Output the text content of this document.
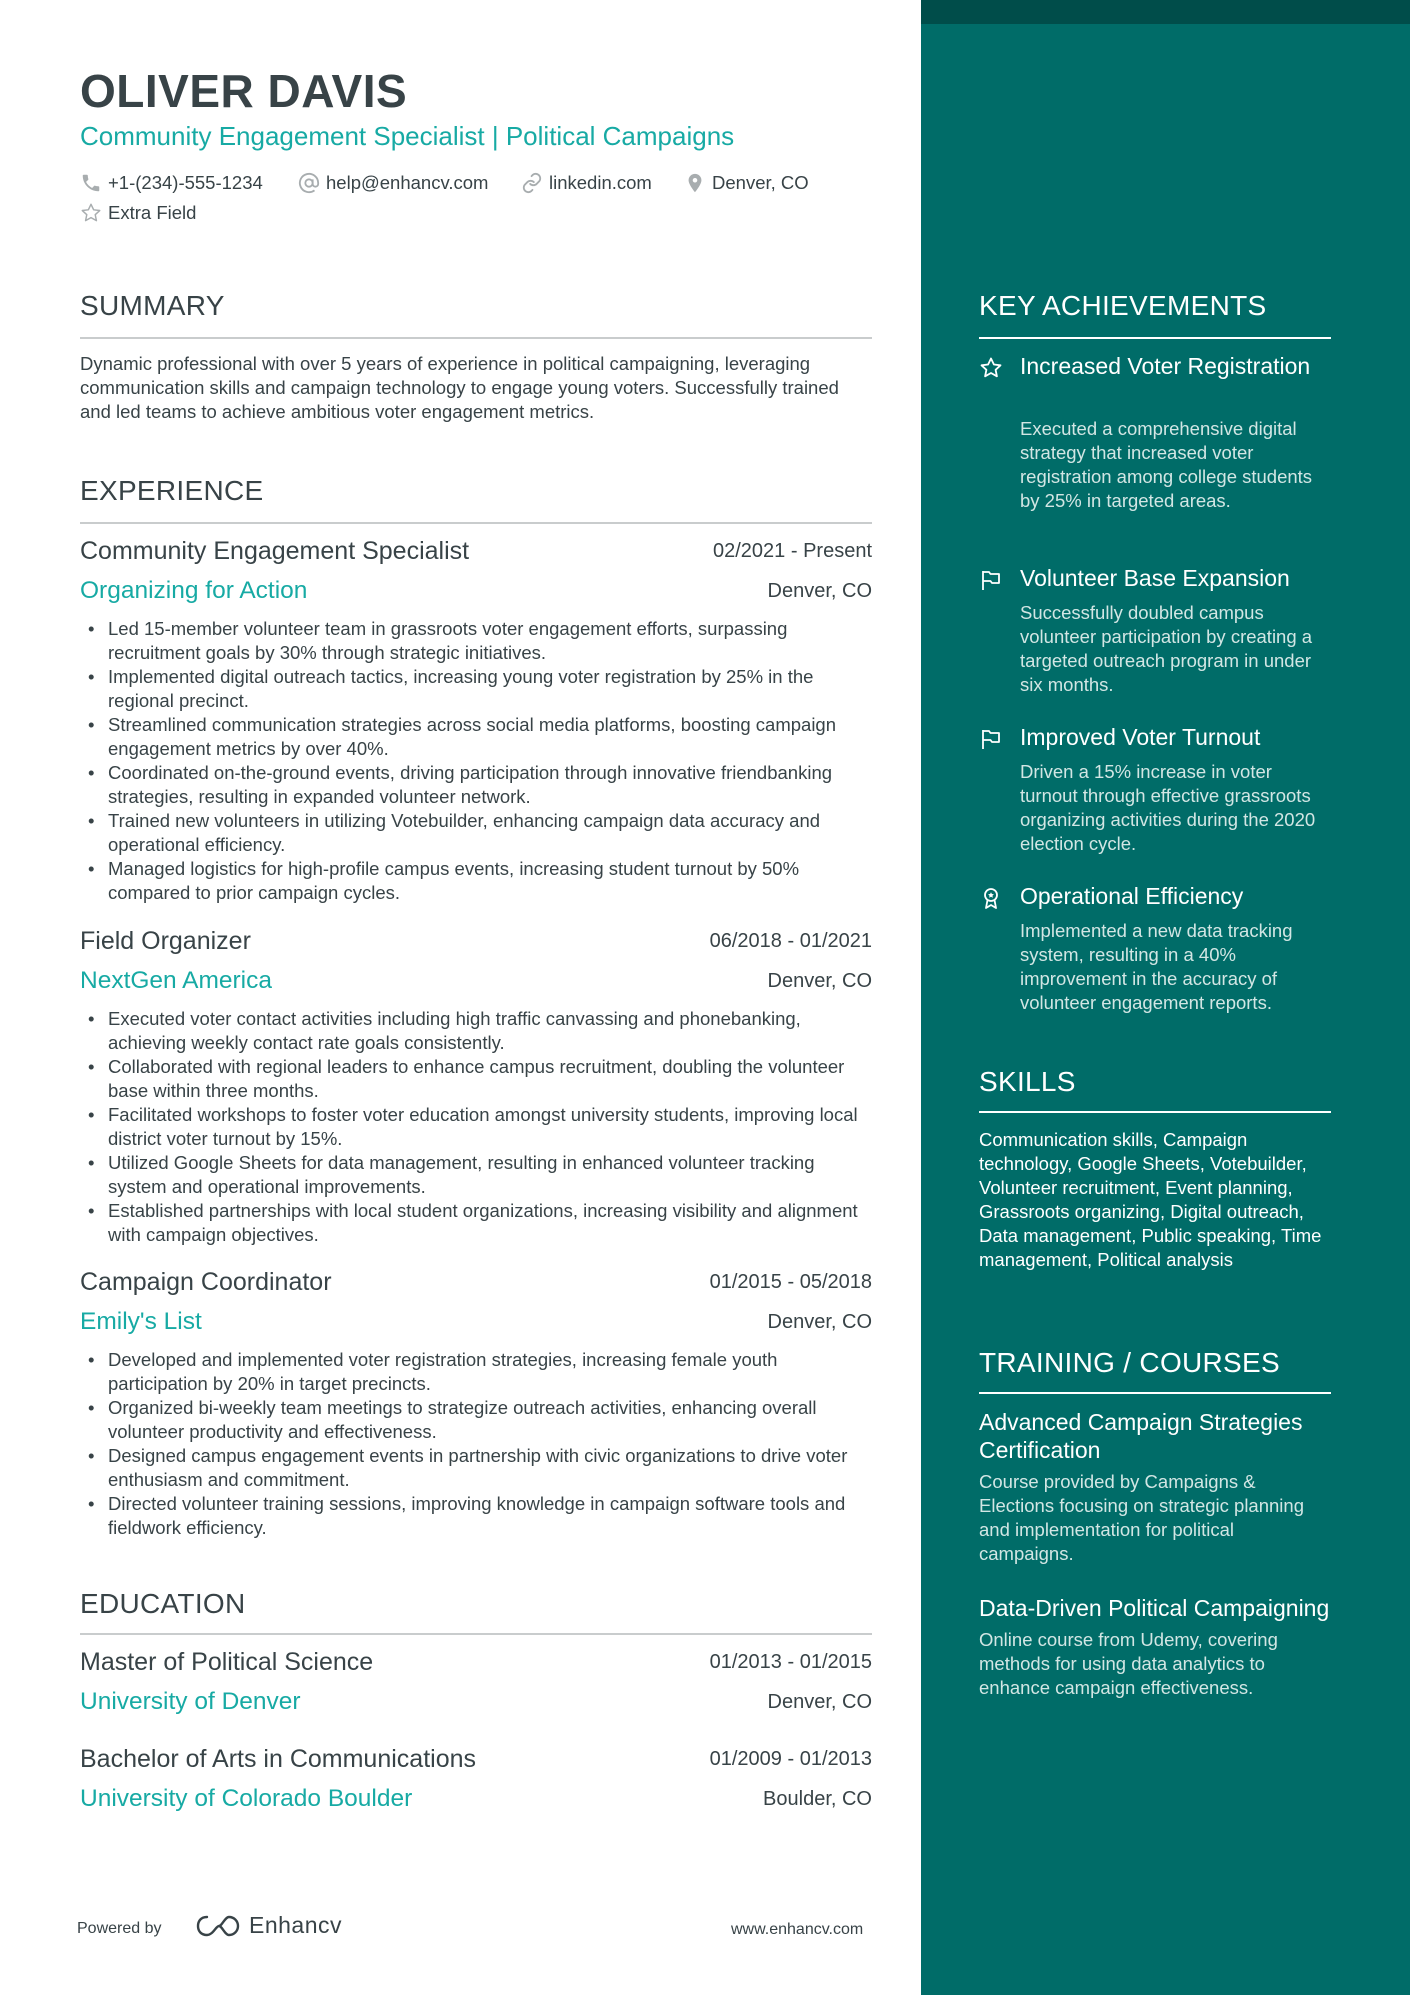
OLIVER DAVIS
Community Engagement Specialist | Political Campaigns
+1-(234)-555-1234	help@enhancv.com	linkedin.com	Denver, CO
Extra Field
SUMMARY
Dynamic professional with over 5 years of experience in political campaigning, leveraging communication skills and campaign technology to engage young voters. Successfully trained and led teams to achieve ambitious voter engagement metrics.
EXPERIENCE
Community Engagement Specialist	02/2021 - Present
Organizing for Action	Denver, CO
• Led 15-member volunteer team in grassroots voter engagement efforts, surpassing recruitment goals by 30% through strategic initiatives.
• Implemented digital outreach tactics, increasing young voter registration by 25% in the regional precinct.
• Streamlined communication strategies across social media platforms, boosting campaign engagement metrics by over 40%.
• Coordinated on-the-ground events, driving participation through innovative friendbanking strategies, resulting in expanded volunteer network.
• Trained new volunteers in utilizing Votebuilder, enhancing campaign data accuracy and operational efficiency.
• Managed logistics for high-profile campus events, increasing student turnout by 50% compared to prior campaign cycles.
Field Organizer	06/2018 - 01/2021
NextGen America	Denver, CO
• Executed voter contact activities including high traffic canvassing and phonebanking, achieving weekly contact rate goals consistently.
• Collaborated with regional leaders to enhance campus recruitment, doubling the volunteer base within three months.
• Facilitated workshops to foster voter education amongst university students, improving local district voter turnout by 15%.
• Utilized Google Sheets for data management, resulting in enhanced volunteer tracking system and operational improvements.
• Established partnerships with local student organizations, increasing visibility and alignment with campaign objectives.
Campaign Coordinator	01/2015 - 05/2018
Emily's List	Denver, CO
• Developed and implemented voter registration strategies, increasing female youth participation by 20% in target precincts.
• Organized bi-weekly team meetings to strategize outreach activities, enhancing overall volunteer productivity and effectiveness.
• Designed campus engagement events in partnership with civic organizations to drive voter enthusiasm and commitment.
• Directed volunteer training sessions, improving knowledge in campaign software tools and fieldwork efficiency.
EDUCATION
Master of Political Science	01/2013 - 01/2015
University of Denver	Denver, CO
Bachelor of Arts in Communications	01/2009 - 01/2013
University of Colorado Boulder	Boulder, CO
KEY ACHIEVEMENTS
Increased Voter Registration
Executed a comprehensive digital strategy that increased voter registration among college students by 25% in targeted areas.
Volunteer Base Expansion
Successfully doubled campus volunteer participation by creating a targeted outreach program in under six months.
Improved Voter Turnout
Driven a 15% increase in voter turnout through effective grassroots organizing activities during the 2020 election cycle.
Operational Efficiency
Implemented a new data tracking system, resulting in a 40% improvement in the accuracy of volunteer engagement reports.
SKILLS
Communication skills, Campaign technology, Google Sheets, Votebuilder, Volunteer recruitment, Event planning, Grassroots organizing, Digital outreach, Data management, Public speaking, Time management, Political analysis
TRAINING / COURSES
Advanced Campaign Strategies Certification
Course provided by Campaigns & Elections focusing on strategic planning and implementation for political campaigns.
Data-Driven Political Campaigning
Online course from Udemy, covering methods for using data analytics to enhance campaign effectiveness.
Powered by	Enhancv	www.enhancv.com
